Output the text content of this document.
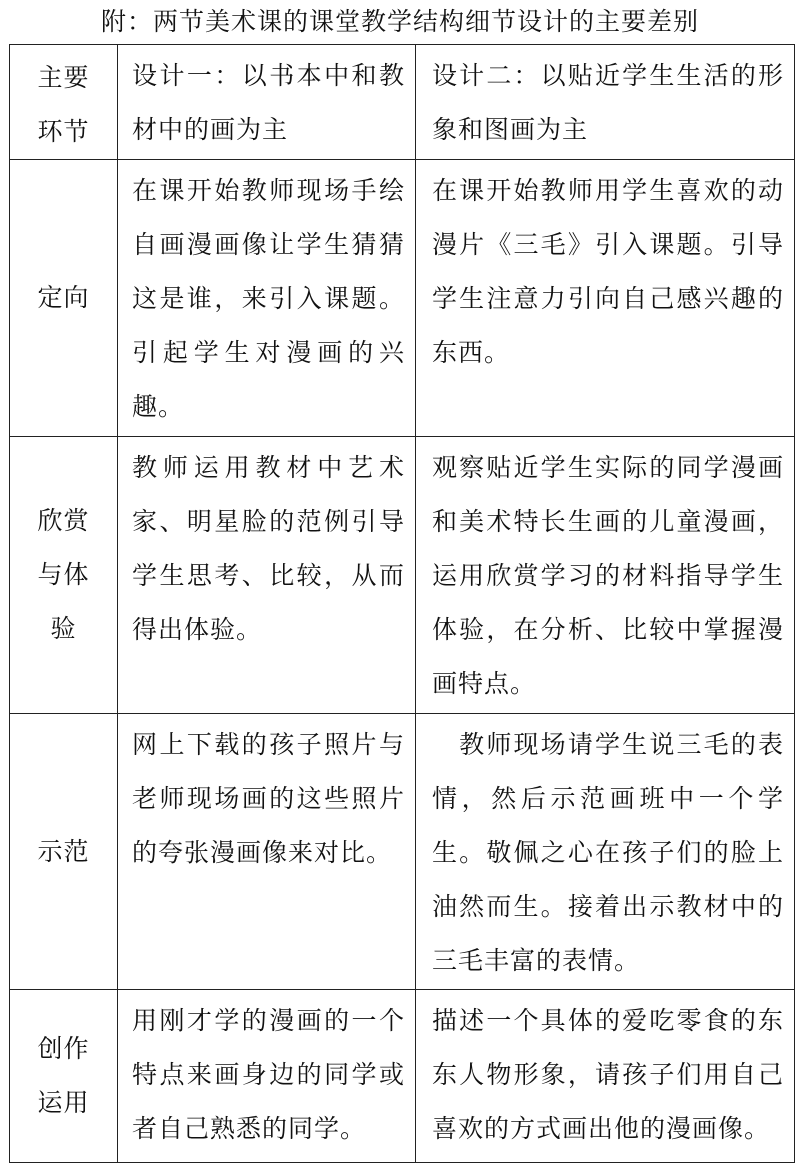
附：两节美术课的课堂教学结构细节设计的主要差别
主要环节	设计一：以书本中和教材中的画为主	设计二：以贴近学生生活的形象和图画为主
定向	在课开始教师现场手绘自画漫画像让学生猜猜这是谁，来引入课题。引起学生对漫画的兴趣。	在课开始教师用学生喜欢的动漫片《三毛》引入课题。引导学生注意力引向自己感兴趣的东西。
欣赏与体验	教师运用教材中艺术家、明星脸的范例引导学生思考、比较，从而得出体验。	观察贴近学生实际的同学漫画和美术特长生画的儿童漫画，运用欣赏学习的材料指导学生体验，在分析、比较中掌握漫画特点。
示范	网上下载的孩子照片与老师现场画的这些照片的夸张漫画像来对比。	　教师现场请学生说三毛的表情，然后示范画班中一个学生。敬佩之心在孩子们的脸上油然而生。接着出示教材中的三毛丰富的表情。
创作运用	用刚才学的漫画的一个特点来画身边的同学或者自己熟悉的同学。	描述一个具体的爱吃零食的东东人物形象，请孩子们用自己喜欢的方式画出他的漫画像。
